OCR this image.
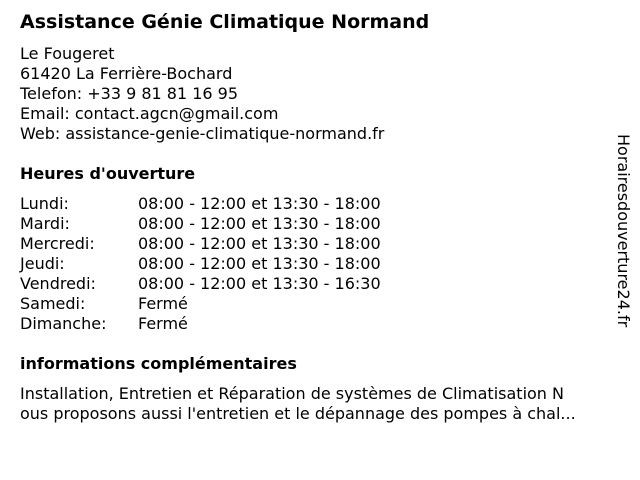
Assistance Génie Climatique Normand
Le Fougeret
61420 La Ferrière-Bochard
Telefon: +33 9 81 81 16 95
Email: contact.agcn@gmail.com
Web: assistance-genie-climatique-normand.fr
Heures d'ouverture
Lundi:	08:00 - 12:00 et 13:30 - 18:00
Mardi:	08:00 - 12:00 et 13:30 - 18:00
Mercredi:	08:00 - 12:00 et 13:30 - 18:00
Jeudi:	08:00 - 12:00 et 13:30 - 18:00
Vendredi:	08:00 - 12:00 et 13:30 - 16:30
Samedi:	Fermé
Dimanche:	Fermé
informations complémentaires
Installation, Entretien et Réparation de systèmes de Climatisation N
ous proposons aussi l'entretien et le dépannage des pompes à chal...
Horairesdouverture24.fr
